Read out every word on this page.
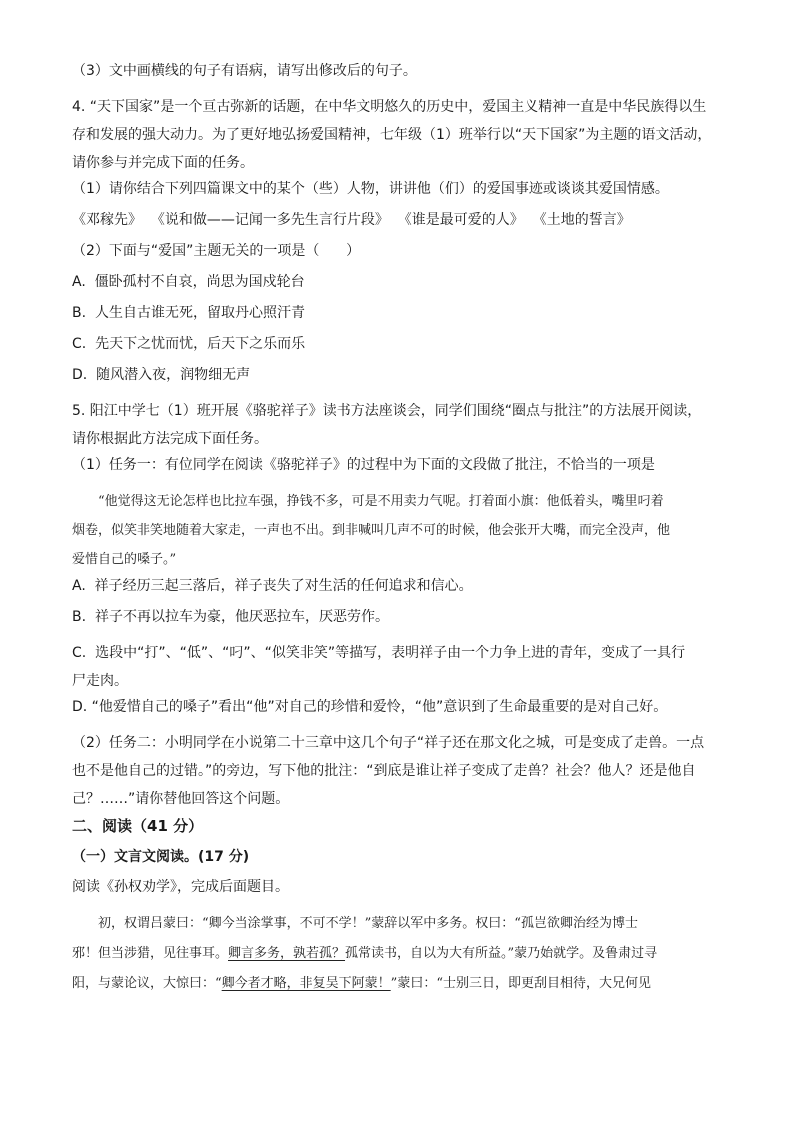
（3）文中画横线的句子有语病，请写出修改后的句子。

4. “天下国家”是一个亘古弥新的话题，在中华文明悠久的历史中，爱国主义精神一直是中华民族得以生
存和发展的强大动力。为了更好地弘扬爱国精神，七年级（1）班举行以“天下国家”为主题的语文活动，
请你参与并完成下面的任务。

（1）请你结合下列四篇课文中的某个（些）人物，讲讲他（们）的爱国事迹或谈谈其爱国情感。

《邓稼先》  《说和做——记闻一多先生言行片段》  《谁是最可爱的人》  《土地的誓言》

（2）下面与“爱国”主题无关的一项是（      ）

A.  僵卧孤村不自哀，尚思为国戍轮台

B.  人生自古谁无死，留取丹心照汗青

C.  先天下之忧而忧，后天下之乐而乐

D.  随风潜入夜，润物细无声

5. 阳江中学七（1）班开展《骆驼祥子》读书方法座谈会，同学们围绕“圈点与批注”的方法展开阅读，
请你根据此方法完成下面任务。

（1）任务一：有位同学在阅读《骆驼祥子》的过程中为下面的文段做了批注，不恰当的一项是

“他觉得这无论怎样也比拉车强，挣钱不多，可是不用卖力气呢。打着面小旗：他低着头，嘴里叼着
烟卷，似笑非笑地随着大家走，一声也不出。到非喊叫几声不可的时候，他会张开大嘴，而完全没声，他
爱惜自己的嗓子。”

A.  祥子经历三起三落后，祥子丧失了对生活的任何追求和信心。

B.  祥子不再以拉车为豪，他厌恶拉车，厌恶劳作。

C.  选段中“打”、“低”、“叼”、“似笑非笑”等描写，表明祥子由一个力争上进的青年，变成了一具行
尸走肉。

D. “他爱惜自己的嗓子”看出“他”对自己的珍惜和爱怜，“他”意识到了生命最重要的是对自己好。

（2）任务二：小明同学在小说第二十三章中这几个句子“祥子还在那文化之城，可是变成了走兽。一点
也不是他自己的过错。”的旁边，写下他的批注：“到底是谁让祥子变成了走兽？社会？他人？还是他自
己？……”请你替他回答这个问题。

二、阅读（41 分）

（一）文言文阅读。(17 分)

阅读《孙权劝学》，完成后面题目。

初，权谓吕蒙曰：“卿今当涂掌事，不可不学！”蒙辞以军中多务。权曰：“孤岂欲卿治经为博士
邪！但当涉猎，见往事耳。卿言多务，孰若孤？孤常读书，自以为大有所益。”蒙乃始就学。及鲁肃过寻
阳，与蒙论议，大惊曰：“卿今者才略，非复吴下阿蒙！”蒙曰：“士别三日，即更刮目相待，大兄何见
